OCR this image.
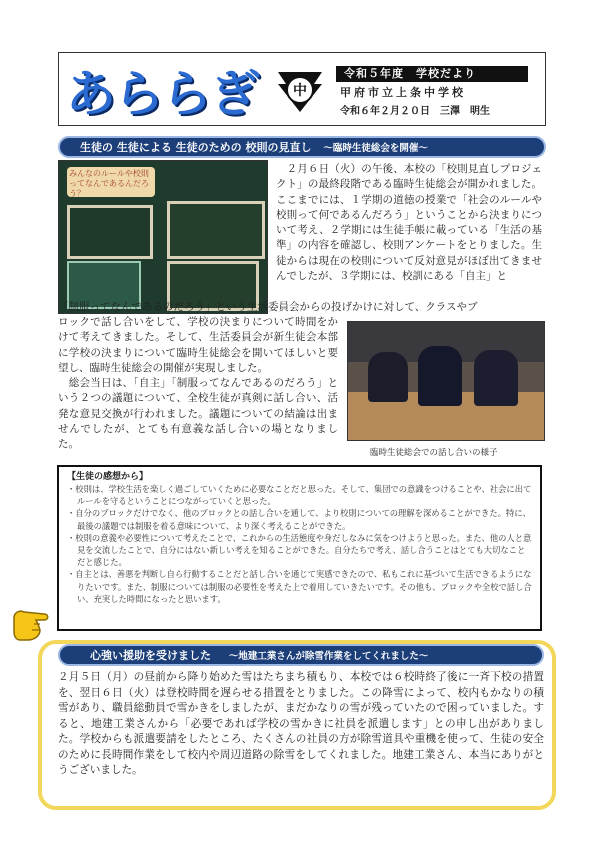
あららぎ	中
令和５年度　学校だより
甲府市立上条中学校
令和６年２月２０日　三澤　明生
生徒の 生徒による 生徒のための 校則の見直し ～臨時生徒総会を開催～
みんなのルールや校則ってなんであるんだろう？
　２月６日（火）の午後、本校の「校則見直しプロジェクト」の最終段階である臨時生徒総会が開かれました。ここまでには、１学期の道徳の授業で「社会のルールや校則って何であるんだろう」ということから決まりについて考え、２学期には生徒手帳に載っている「生活の基準」の内容を確認し、校則アンケートをとりました。生徒からは現在の校則について反対意見がほぼ出てきませんでしたが、３学期には、校訓にある「自主」と
「制服ってなんであるのだろう」という生活委員会からの投げかけに対して、クラスやブ
ロックで話し合いをして、学校の決まりについて時間をかけて考えてきました。そして、生活委員会が新生徒会本部に学校の決まりについて臨時生徒総会を開いてほしいと要望し、臨時生徒総会の開催が実現しました。
　総会当日は、「自主」「制服ってなんであるのだろう」という２つの議題について、全校生徒が真剣に話し合い、活発な意見交換が行われました。議題についての結論は出ませんでしたが、とても有意義な話し合いの場となりました。
臨時生徒総会での話し合いの様子
【生徒の感想から】
・校則は、学校生活を楽しく過ごしていくために必要なことだと思った。そして、集団での意識をつけることや、社会に出てルールを守るということにつながっていくと思った。
・自分のブロックだけでなく、他のブロックとの話し合いを通して、より校則についての理解を深めることができた。特に、最後の議題では制服を着る意味について、より深く考えることができた。
・校則の意義や必要性について考えたことで、これからの生活態度や身だしなみに気をつけようと思った。また、他の人と意見を交流したことで、自分にはない新しい考えを知ることができた。自分たちで考え、話し合うことはとても大切なことだと感じた。
・自主とは、善悪を判断し自ら行動することだと話し合いを通じて実感できたので、私もこれに基づいて生活できるようになりたいです。また、制服については制服の必要性を考えた上で着用していきたいです。その他も、ブロックや全校で話し合い、充実した時間になったと思います。
心強い援助を受けました ～地建工業さんが除雪作業をしてくれました～
２月５日（月）の昼前から降り始めた雪はたちまち積もり、本校では６校時終了後に一斉下校の措置を、翌日６日（火）は登校時間を遅らせる措置をとりました。この降雪によって、校内もかなりの積雪があり、職員総動員で雪かきをしましたが、まだかなりの雪が残っていたので困っていました。すると、地建工業さんから「必要であれば学校の雪かきに社員を派遣します」との申し出がありました。学校からも派遣要請をしたところ、たくさんの社員の方が除雪道具や重機を使って、生徒の安全のために長時間作業をして校内や周辺道路の除雪をしてくれました。地建工業さん、本当にありがとうございました。
